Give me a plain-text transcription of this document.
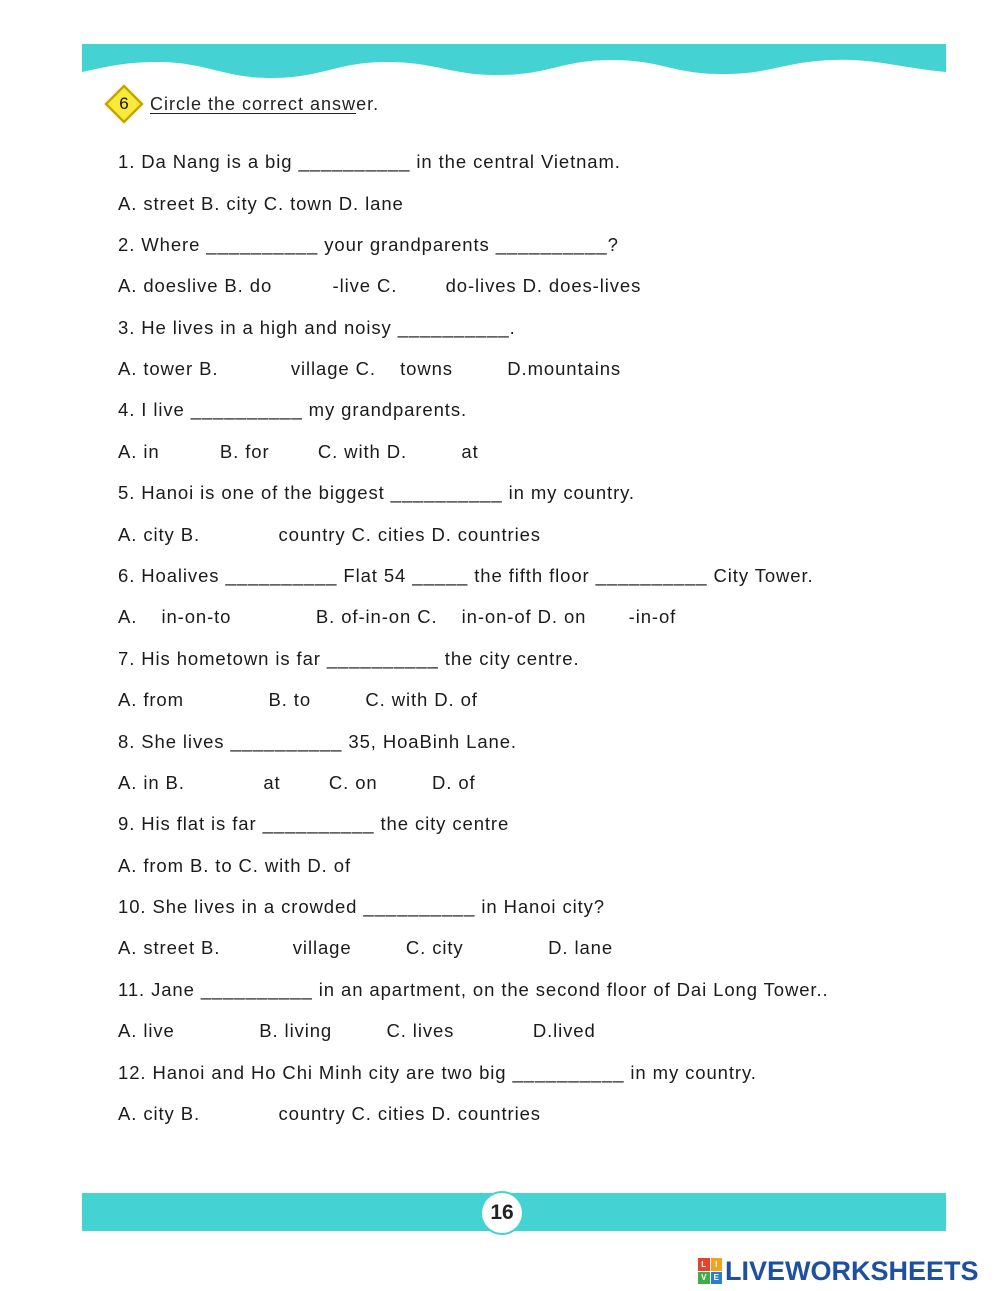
6	Circle the correct answer.
1. Da Nang is a big __________ in the central Vietnam.
A. street B. city C. town D. lane
2. Where __________ your grandparents __________?
A. doeslive B. do          -live C.        do-lives D. does-lives
3. He lives in a high and noisy __________.
A. tower B.            village C.    towns         D.mountains
4. I live __________ my grandparents.
A. in          B. for        C. with D.         at
5. Hanoi is one of the biggest __________ in my country.
A. city B.             country C. cities D. countries
6. Hoalives __________ Flat 54 _____ the fifth floor __________ City Tower.
A.    in-on-to              B. of-in-on C.    in-on-of D. on       -in-of
7. His hometown is far __________ the city centre.
A. from              B. to         C. with D. of
8. She lives __________ 35, HoaBinh Lane.
A. in B.             at        C. on         D. of
9. His flat is far __________ the city centre
A. from B. to C. with D. of
10. She lives in a crowded __________ in Hanoi city?
A. street B.            village         C. city              D. lane
11. Jane __________ in an apartment, on the second floor of Dai Long Tower..
A. live              B. living         C. lives             D.lived
12. Hanoi and Ho Chi Minh city are two big __________ in my country.
A. city B.             country C. cities D. countries
16
L	I
V E LIVEWORKSHEETS
